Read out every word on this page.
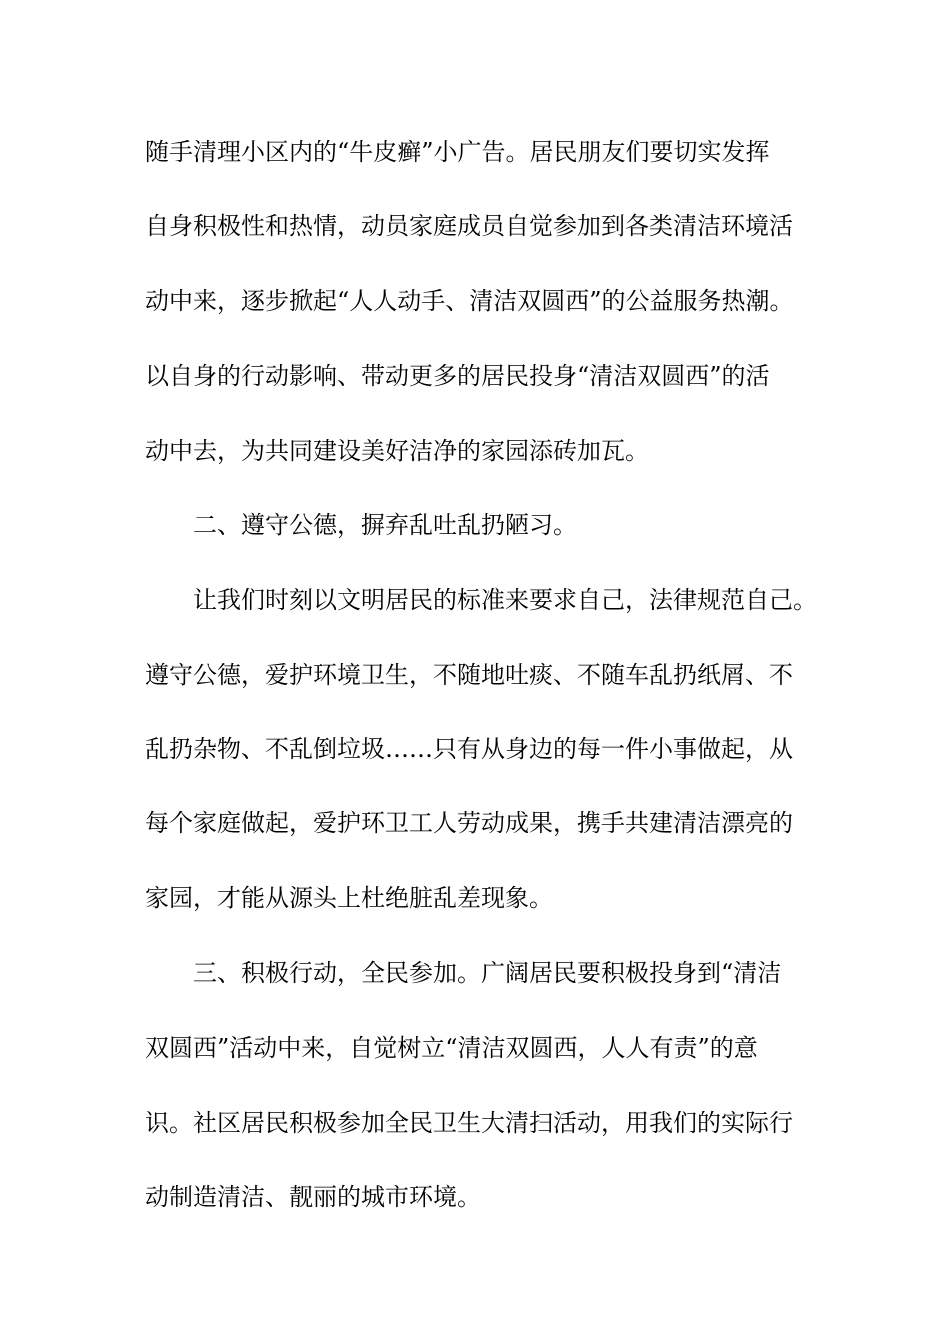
随手清理小区内的“牛皮癣”小广告。居民朋友们要切实发挥
自身积极性和热情，动员家庭成员自觉参加到各类清洁环境活
动中来，逐步掀起“人人动手、清洁双圆西”的公益服务热潮。
以自身的行动影响、带动更多的居民投身“清洁双圆西”的活
动中去，为共同建设美好洁净的家园添砖加瓦。
二、遵守公德，摒弃乱吐乱扔陋习。
让我们时刻以文明居民的标准来要求自己，法律规范自己。
遵守公德，爱护环境卫生，不随地吐痰、不随车乱扔纸屑、不
乱扔杂物、不乱倒垃圾……只有从身边的每一件小事做起，从
每个家庭做起，爱护环卫工人劳动成果，携手共建清洁漂亮的
家园，才能从源头上杜绝脏乱差现象。
三、积极行动，全民参加。广阔居民要积极投身到“清洁
双圆西”活动中来，自觉树立“清洁双圆西，人人有责”的意
识。社区居民积极参加全民卫生大清扫活动，用我们的实际行
动制造清洁、靓丽的城市环境。
